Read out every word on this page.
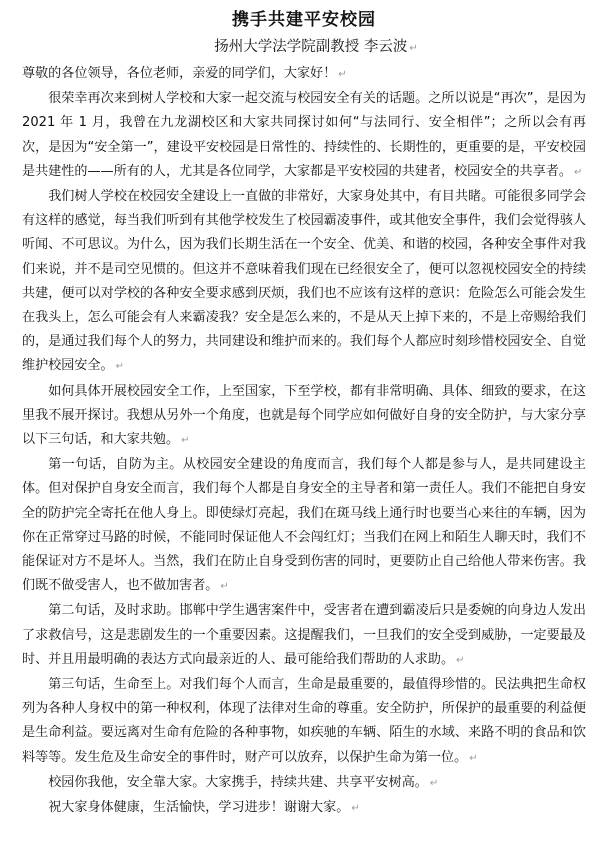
携手共建平安校园
扬州大学法学院副教授 李云波 ↵

尊敬的各位领导，各位老师，亲爱的同学们，大家好！ ↵

很荣幸再次来到树人学校和大家一起交流与校园安全有关的话题。之所以说是“再次”，是因为 2021 年 1 月，我曾在九龙湖校区和大家共同探讨如何“与法同行、安全相伴”；之所以会有再次，是因为“安全第一”，建设平安校园是日常性的、持续性的、长期性的，更重要的是，平安校园是共建性的——所有的人，尤其是各位同学，大家都是平安校园的共建者，校园安全的共享者。 ↵

我们树人学校在校园安全建设上一直做的非常好，大家身处其中，有目共睹。可能很多同学会有这样的感觉，每当我们听到有其他学校发生了校园霸凌事件，或其他安全事件，我们会觉得骇人听闻、不可思议。为什么，因为我们长期生活在一个安全、优美、和谐的校园，各种安全事件对我们来说，并不是司空见惯的。但这并不意味着我们现在已经很安全了，便可以忽视校园安全的持续共建，便可以对学校的各种安全要求感到厌烦，我们也不应该有这样的意识：危险怎么可能会发生在我头上，怎么可能会有人来霸凌我？安全是怎么来的，不是从天上掉下来的，不是上帝赐给我们的，是通过我们每个人的努力，共同建设和维护而来的。我们每个人都应时刻珍惜校园安全、自觉维护校园安全。 ↵

如何具体开展校园安全工作，上至国家，下至学校，都有非常明确、具体、细致的要求，在这里我不展开探讨。我想从另外一个角度，也就是每个同学应如何做好自身的安全防护，与大家分享以下三句话，和大家共勉。 ↵

第一句话，自防为主。从校园安全建设的角度而言，我们每个人都是参与人，是共同建设主体。但对保护自身安全而言，我们每个人都是自身安全的主导者和第一责任人。我们不能把自身安全的防护完全寄托在他人身上。即使绿灯亮起，我们在斑马线上通行时也要当心来往的车辆，因为你在正常穿过马路的时候，不能同时保证他人不会闯红灯；当我们在网上和陌生人聊天时，我们不能保证对方不是坏人。当然，我们在防止自身受到伤害的同时，更要防止自己给他人带来伤害。我们既不做受害人，也不做加害者。 ↵

第二句话，及时求助。邯郸中学生遇害案件中，受害者在遭到霸凌后只是委婉的向身边人发出了求救信号，这是悲剧发生的一个重要因素。这提醒我们，一旦我们的安全受到威胁，一定要最及时、并且用最明确的表达方式向最亲近的人、最可能给我们帮助的人求助。 ↵

第三句话，生命至上。对我们每个人而言，生命是最重要的，最值得珍惜的。民法典把生命权列为各种人身权中的第一种权利，体现了法律对生命的尊重。安全防护，所保护的最重要的利益便是生命利益。要远离对生命有危险的各种事物，如疾驰的车辆、陌生的水域、来路不明的食品和饮料等等。发生危及生命安全的事件时，财产可以放弃，以保护生命为第一位。 ↵

校园你我他，安全靠大家。大家携手，持续共建、共享平安树高。 ↵

祝大家身体健康，生活愉快，学习进步！谢谢大家。 ↵
